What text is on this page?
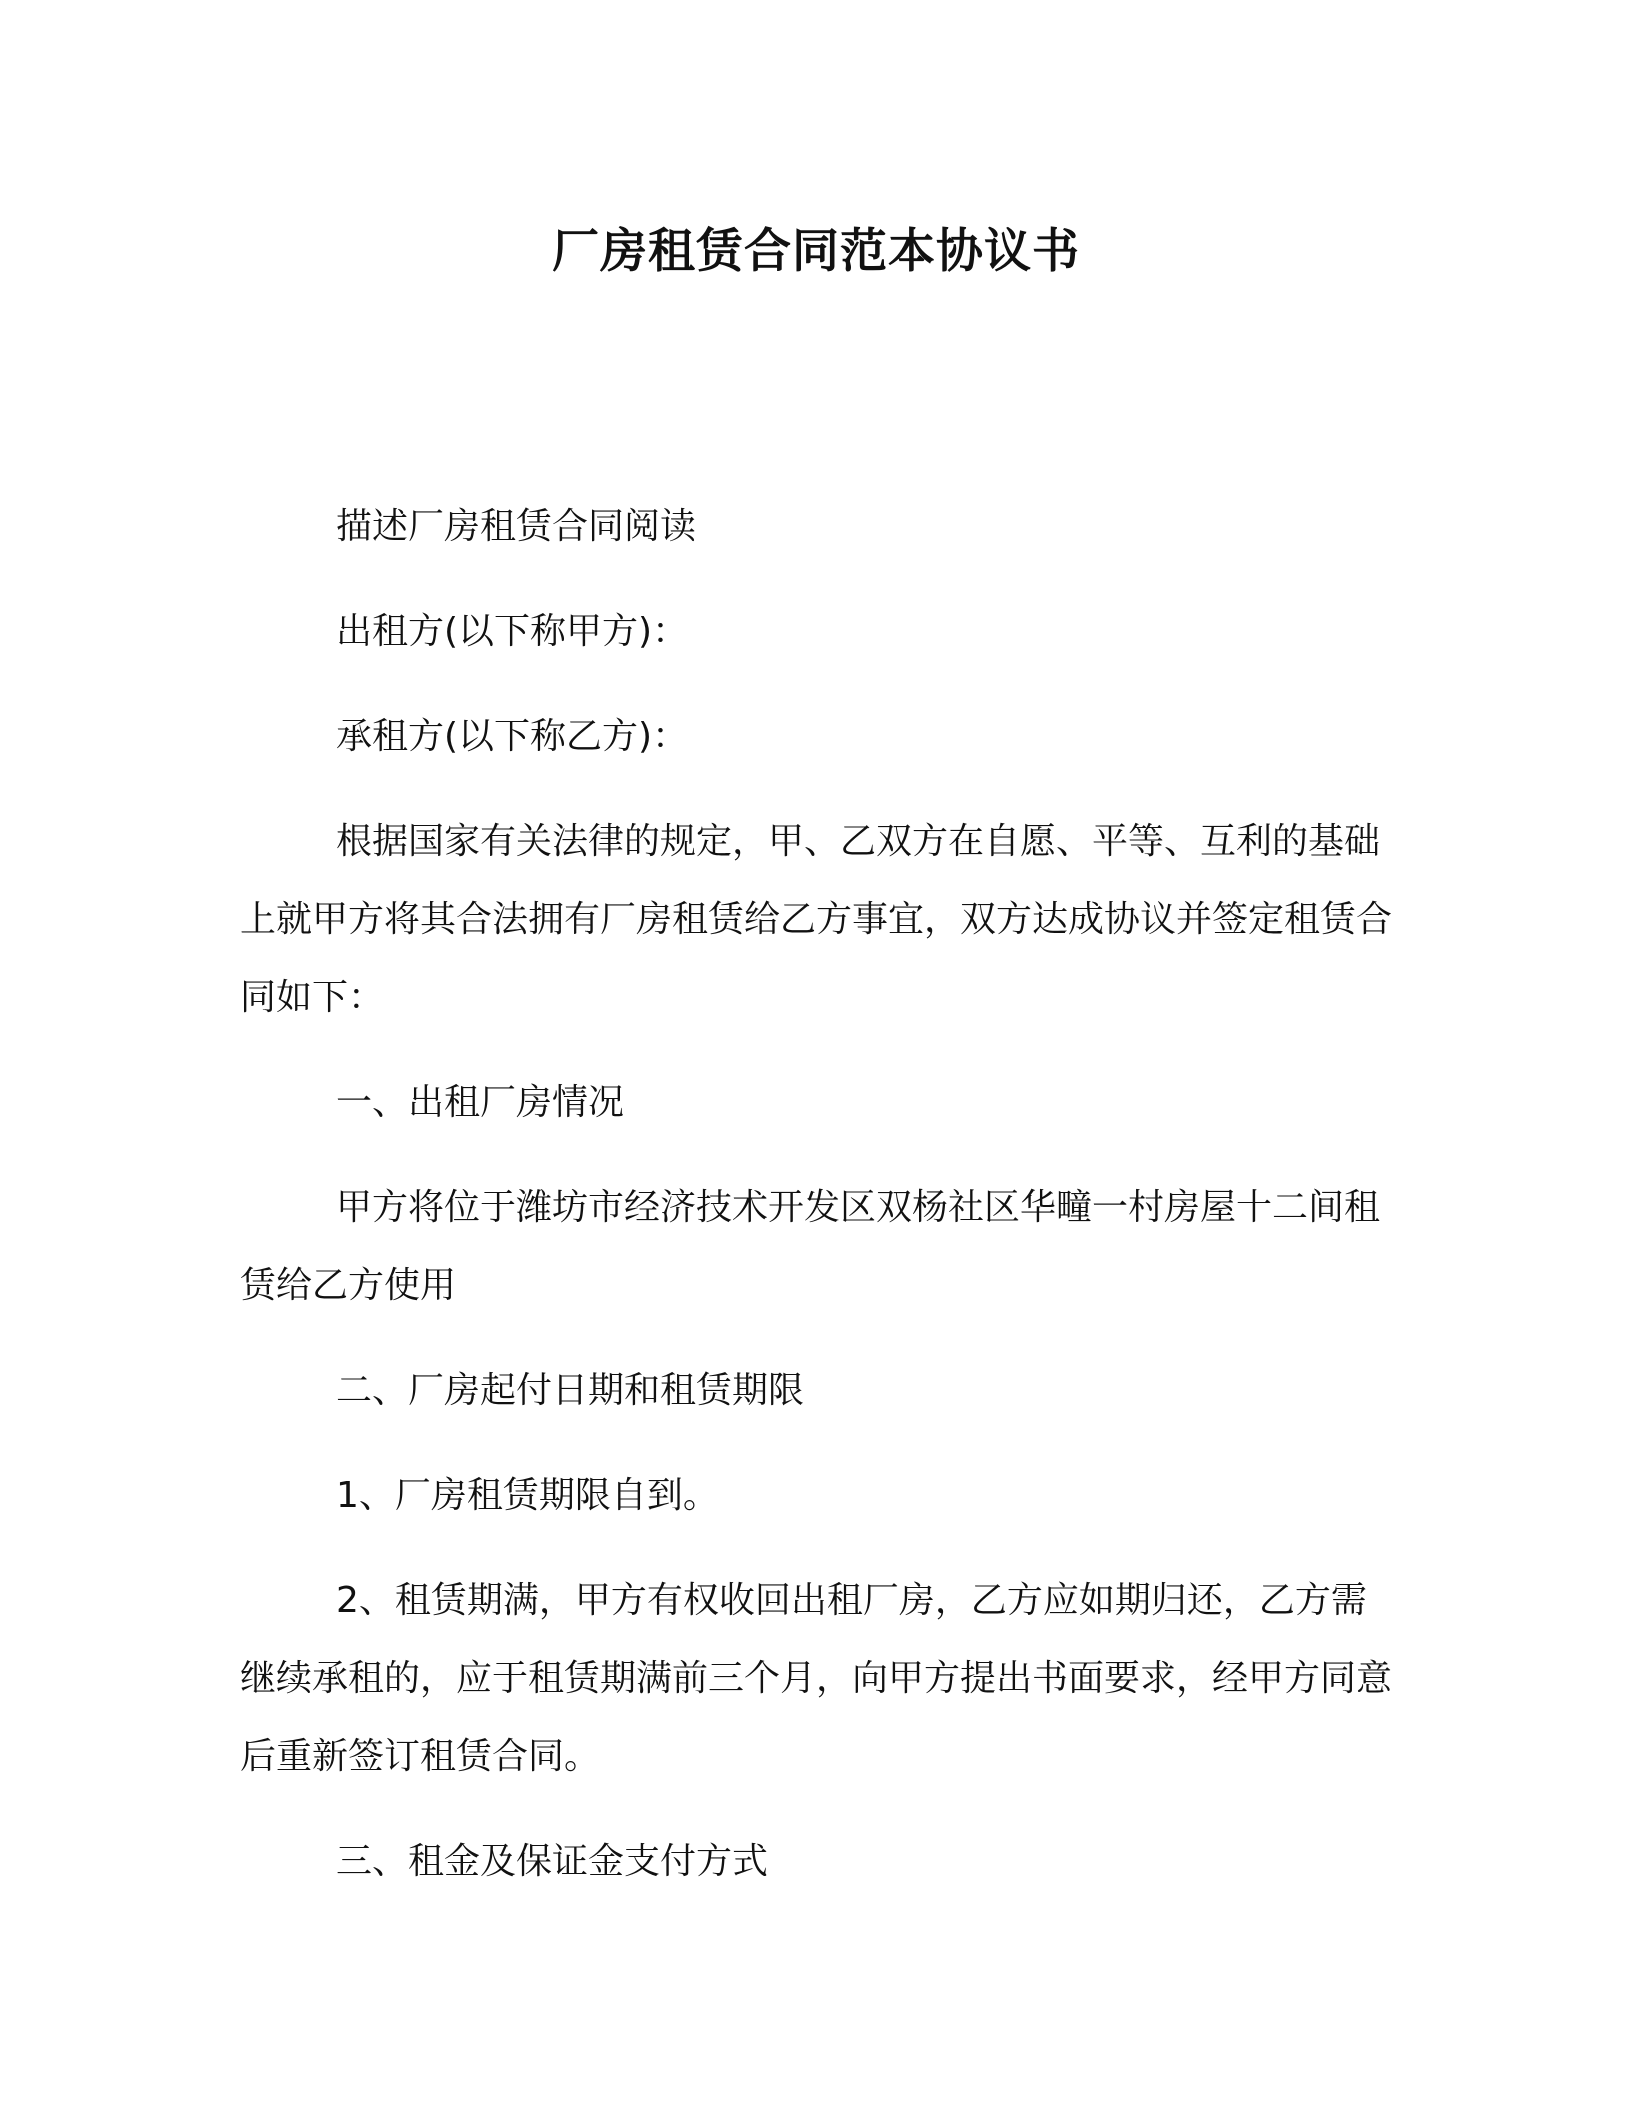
厂房租赁合同范本协议书

描述厂房租赁合同阅读

出租方(以下称甲方)：

承租方(以下称乙方)：

根据国家有关法律的规定，甲、乙双方在自愿、平等、互利的基础上就甲方将其合法拥有厂房租赁给乙方事宜，双方达成协议并签定租赁合同如下：

一、出租厂房情况

甲方将位于潍坊市经济技术开发区双杨社区华疃一村房屋十二间租赁给乙方使用

二、厂房起付日期和租赁期限

1、厂房租赁期限自到。

2、租赁期满，甲方有权收回出租厂房，乙方应如期归还，乙方需继续承租的，应于租赁期满前三个月，向甲方提出书面要求，经甲方同意后重新签订租赁合同。

三、租金及保证金支付方式
